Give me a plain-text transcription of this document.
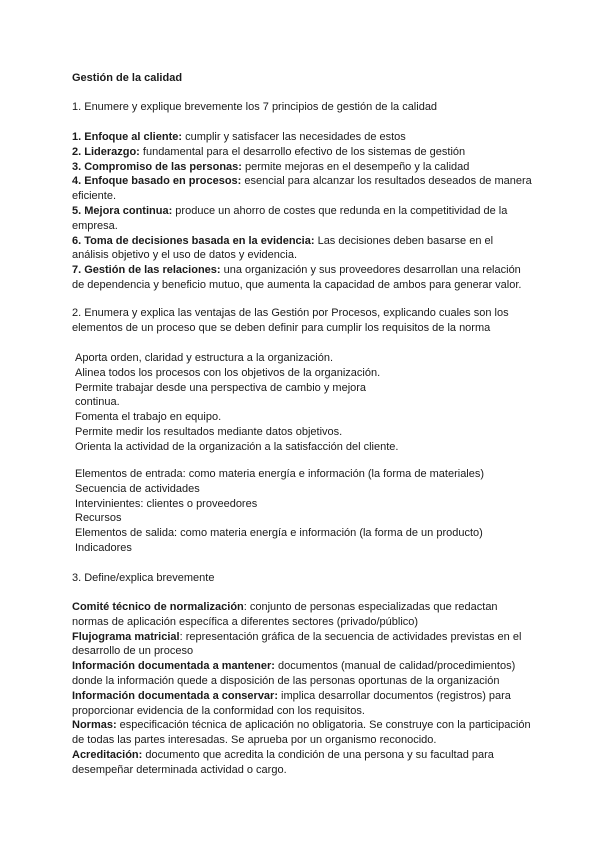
Gestión de la calidad

1. Enumere y explique brevemente los 7 principios de gestión de la calidad

1. Enfoque al cliente: cumplir y satisfacer las necesidades de estos

2. Liderazgo: fundamental para el desarrollo efectivo de los sistemas de gestión

3. Compromiso de las personas: permite mejoras en el desempeño y la calidad

4. Enfoque basado en procesos: esencial para alcanzar los resultados deseados de manera eficiente.

5. Mejora continua: produce un ahorro de costes que redunda en la competitividad de la empresa.

6. Toma de decisiones basada en la evidencia: Las decisiones deben basarse en el análisis objetivo y el uso de datos y evidencia.

7. Gestión de las relaciones: una organización y sus proveedores desarrollan una relación de dependencia y beneficio mutuo, que aumenta la capacidad de ambos para generar valor.

2. Enumera y explica las ventajas de las Gestión por Procesos, explicando cuales son los elementos de un proceso que se deben definir para cumplir los requisitos de la norma

Aporta orden, claridad y estructura a la organización.
Alinea todos los procesos con los objetivos de la organización.
Permite trabajar desde una perspectiva de cambio y mejora
continua.
Fomenta el trabajo en equipo.
Permite medir los resultados mediante datos objetivos.
Orienta la actividad de la organización a la satisfacción del cliente.
Elementos de entrada: como materia energía e información (la forma de materiales)
Secuencia de actividades
Intervinientes: clientes o proveedores
Recursos
Elementos de salida: como materia energía e información (la forma de un producto)
Indicadores

3. Define/explica brevemente

Comité técnico de normalización: conjunto de personas especializadas que redactan normas de aplicación específica a diferentes sectores (privado/público)

Flujograma matricial: representación gráfica de la secuencia de actividades previstas en el desarrollo de un proceso

Información documentada a mantener: documentos (manual de calidad/procedimientos) donde la información quede a disposición de las personas oportunas de la organización

Información documentada a conservar: implica desarrollar documentos (registros) para proporcionar evidencia de la conformidad con los requisitos.

Normas: especificación técnica de aplicación no obligatoria. Se construye con la participación de todas las partes interesadas. Se aprueba por un organismo reconocido.

Acreditación: documento que acredita la condición de una persona y su facultad para desempeñar determinada actividad o cargo.
